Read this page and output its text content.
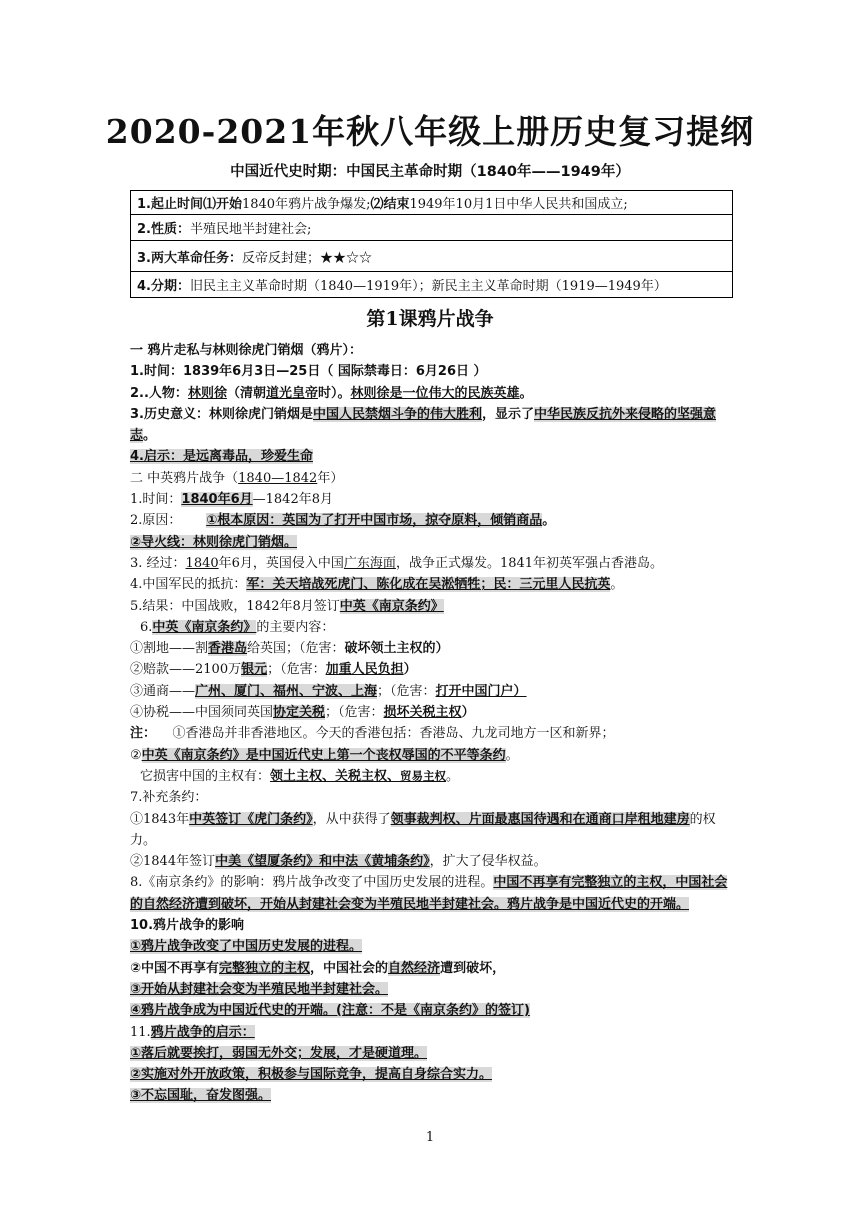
2020-2021年秋八年级上册历史复习提纲
中国近代史时期：中国民主革命时期（1840年——1949年）
1.起止时间⑴开始1840年鸦片战争爆发;⑵结束1949年10月1日中华人民共和国成立;
2.性质：半殖民地半封建社会;
3.两大革命任务：反帝反封建；★★☆☆
4.分期：旧民主主义革命时期（1840—1919年）；新民主主义革命时期（1919—1949年）
第1课鸦片战争
一 鸦片走私与林则徐虎门销烟（鸦片）：
1.时间：1839年6月3日—25日（ 国际禁毒日：6月26日 ）
2..人物：林则徐（清朝道光皇帝时）。林则徐是一位伟大的民族英雄。
3.历史意义：林则徐虎门销烟是中国人民禁烟斗争的伟大胜利，显示了中华民族反抗外来侵略的坚强意志。
4.启示：是远离毒品，珍爱生命
二 中英鸦片战争（1840—1842年）
1.时间：1840年6月—1842年8月
2.原因： ①根本原因：英国为了打开中国市场，掠夺原料，倾销商品。
②导火线：林则徐虎门销烟。
3. 经过：1840年6月，英国侵入中国广东海面，战争正式爆发。1841年初英军强占香港岛。
4.中国军民的抵抗：军：关天培战死虎门、陈化成在吴淞牺牲；民：三元里人民抗英。
5.结果：中国战败，1842年8月签订中英《南京条约》
6.中英《南京条约》的主要内容：
①割地——割香港岛给英国；（危害：破坏领土主权的）
②赔款——2100万银元；（危害：加重人民负担）
③通商——广州、厦门、福州、宁波、上海；（危害：打开中国门户）
④协税——中国须同英国协定关税；（危害：损坏关税主权）
注： ①香港岛并非香港地区。今天的香港包括：香港岛、九龙司地方一区和新界；
②中英《南京条约》是中国近代史上第一个丧权辱国的不平等条约。
它损害中国的主权有：领土主权、关税主权、贸易主权。
7.补充条约：
①1843年中英签订《虎门条约》，从中获得了领事裁判权、片面最惠国待遇和在通商口岸租地建房的权力。
②1844年签订中美《望厦条约》和中法《黄埔条约》，扩大了侵华权益。
8.《南京条约》的影响：鸦片战争改变了中国历史发展的进程。中国不再享有完整独立的主权，中国社会的自然经济遭到破坏，开始从封建社会变为半殖民地半封建社会。鸦片战争是中国近代史的开端。
10.鸦片战争的影响
①鸦片战争改变了中国历史发展的进程。
②中国不再享有完整独立的主权，中国社会的自然经济遭到破坏，
③开始从封建社会变为半殖民地半封建社会。
④鸦片战争成为中国近代史的开端。(注意：不是《南京条约》的签订)
11.鸦片战争的启示：
①落后就要挨打，弱国无外交；发展，才是硬道理。
②实施对外开放政策，积极参与国际竞争，提高自身综合实力。
③不忘国耻，奋发图强。
1
